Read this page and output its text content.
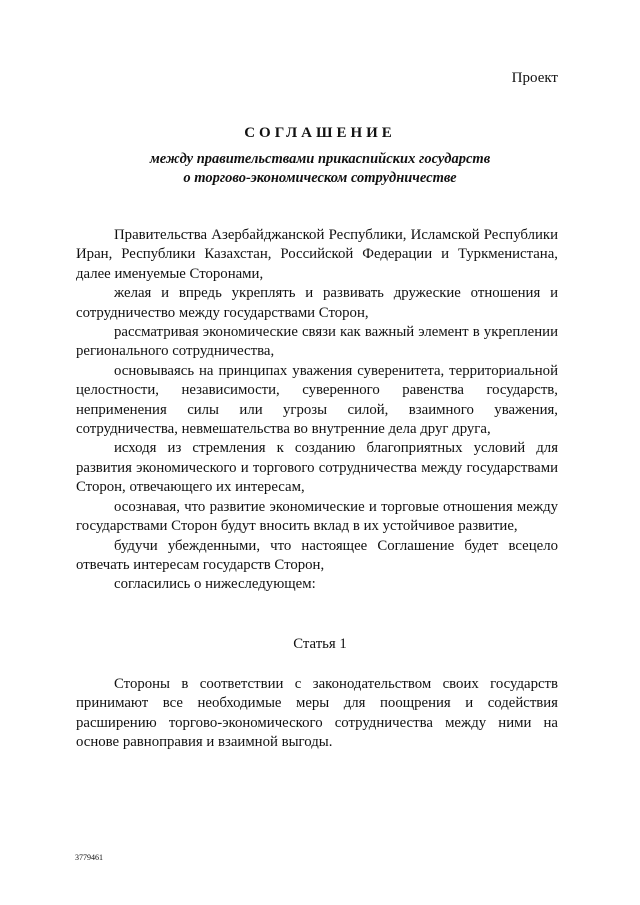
Проект
СОГЛАШЕНИЕ
между правительствами прикаспийских государств
о торгово-экономическом сотрудничестве

Правительства Азербайджанской Республики, Исламской Республики Иран, Республики Казахстан, Российской Федерации и Туркменистана, далее именуемые Сторонами,

желая и впредь укреплять и развивать дружеские отношения и сотрудничество между государствами Сторон,

рассматривая экономические связи как важный элемент в укреплении регионального сотрудничества,

основываясь на принципах уважения суверенитета, территориальной целостности, независимости, суверенного равенства государств, неприменения силы или угрозы силой, взаимного уважения, сотрудничества, невмешательства во внутренние дела друг друга,

исходя из стремления к созданию благоприятных условий для развития экономического и торгового сотрудничества между государствами Сторон, отвечающего их интересам,

осознавая, что развитие экономические и торговые отношения между государствами Сторон будут вносить вклад в их устойчивое развитие,

будучи убежденными, что настоящее Соглашение будет всецело отвечать интересам государств Сторон,

согласились о нижеследующем:

Статья 1

Стороны в соответствии с законодательством своих государств принимают все необходимые меры для поощрения и содействия расширению торгово-экономического сотрудничества между ними на основе равноправия и взаимной выгоды.

3779461
